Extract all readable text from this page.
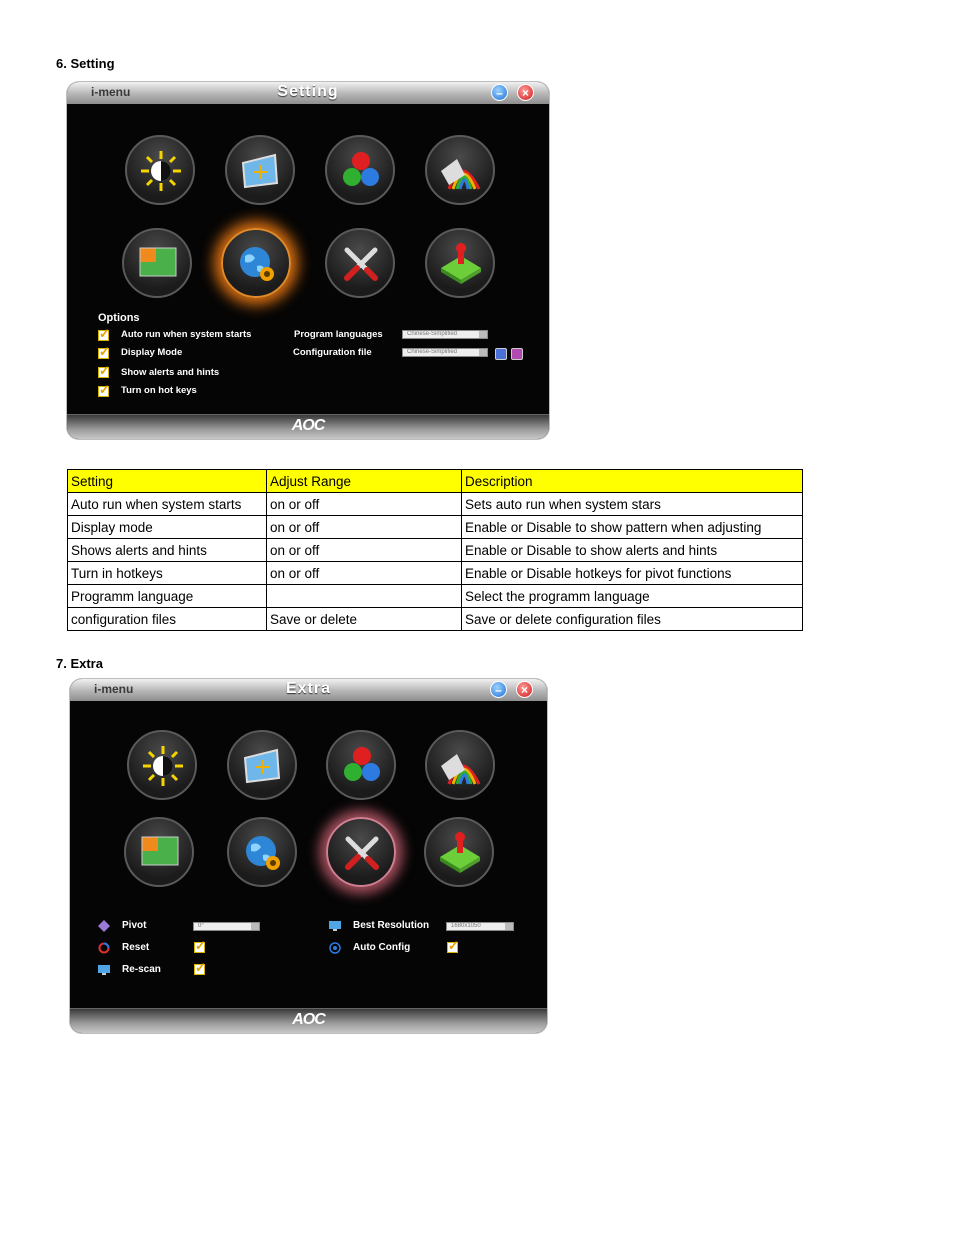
6. Setting
i-menu	Setting	–	×
Options
✓
Auto run when system starts
✓
Display Mode
✓
Show alerts and hints
✓
Turn on hot keys
Program languages	Chinese-Simplified
Configuration file	Chinese-Simplified
AOC
Setting	Adjust Range	Description
Auto run when system starts	on or off	Sets auto run when system stars
Display mode	on or off	Enable or Disable to show pattern when adjusting
Shows alerts and hints	on or off	Enable or Disable to show alerts and hints
Turn in hotkeys	on or off	Enable or Disable hotkeys for pivot functions
Programm language		Select the programm language
configuration files	Save or delete	Save or delete configuration files
7. Extra
i-menu	Extra	–	×
Pivot	0°
Reset
✓
Re-scan
✓
Best Resolution	1680x1050
Auto Config
✓
AOC
